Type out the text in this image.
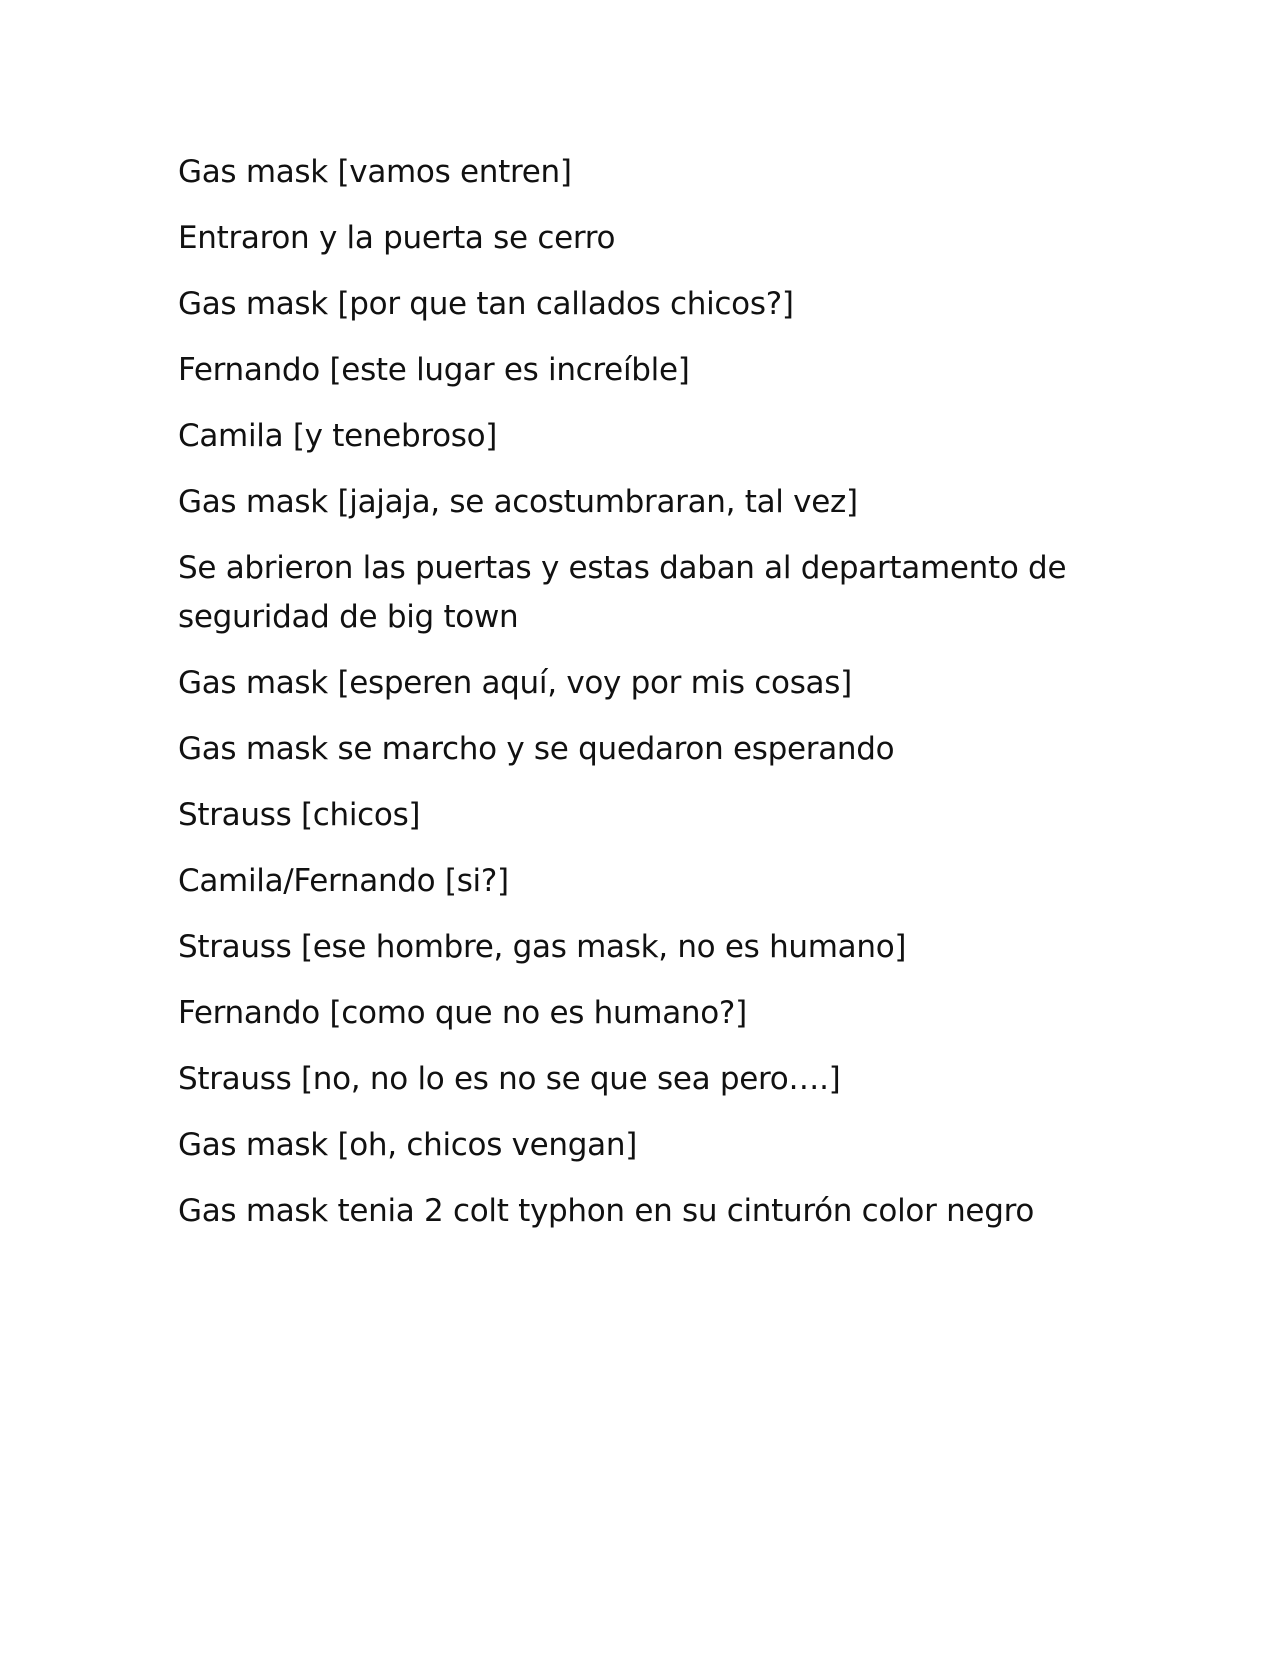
Gas mask [vamos entren]

Entraron y la puerta se cerro

Gas mask [por que tan callados chicos?]

Fernando [este lugar es increíble]

Camila [y tenebroso]

Gas mask [jajaja, se acostumbraran, tal vez]

Se abrieron las puertas y estas daban al departamento de seguridad de big town

Gas mask [esperen aquí, voy por mis cosas]

Gas mask se marcho y se quedaron esperando

Strauss [chicos]

Camila/Fernando [si?]

Strauss [ese hombre, gas mask, no es humano]

Fernando [como que no es humano?]

Strauss [no, no lo es no se que sea pero….]

Gas mask [oh, chicos vengan]

Gas mask tenia 2 colt typhon en su cinturón color negro
